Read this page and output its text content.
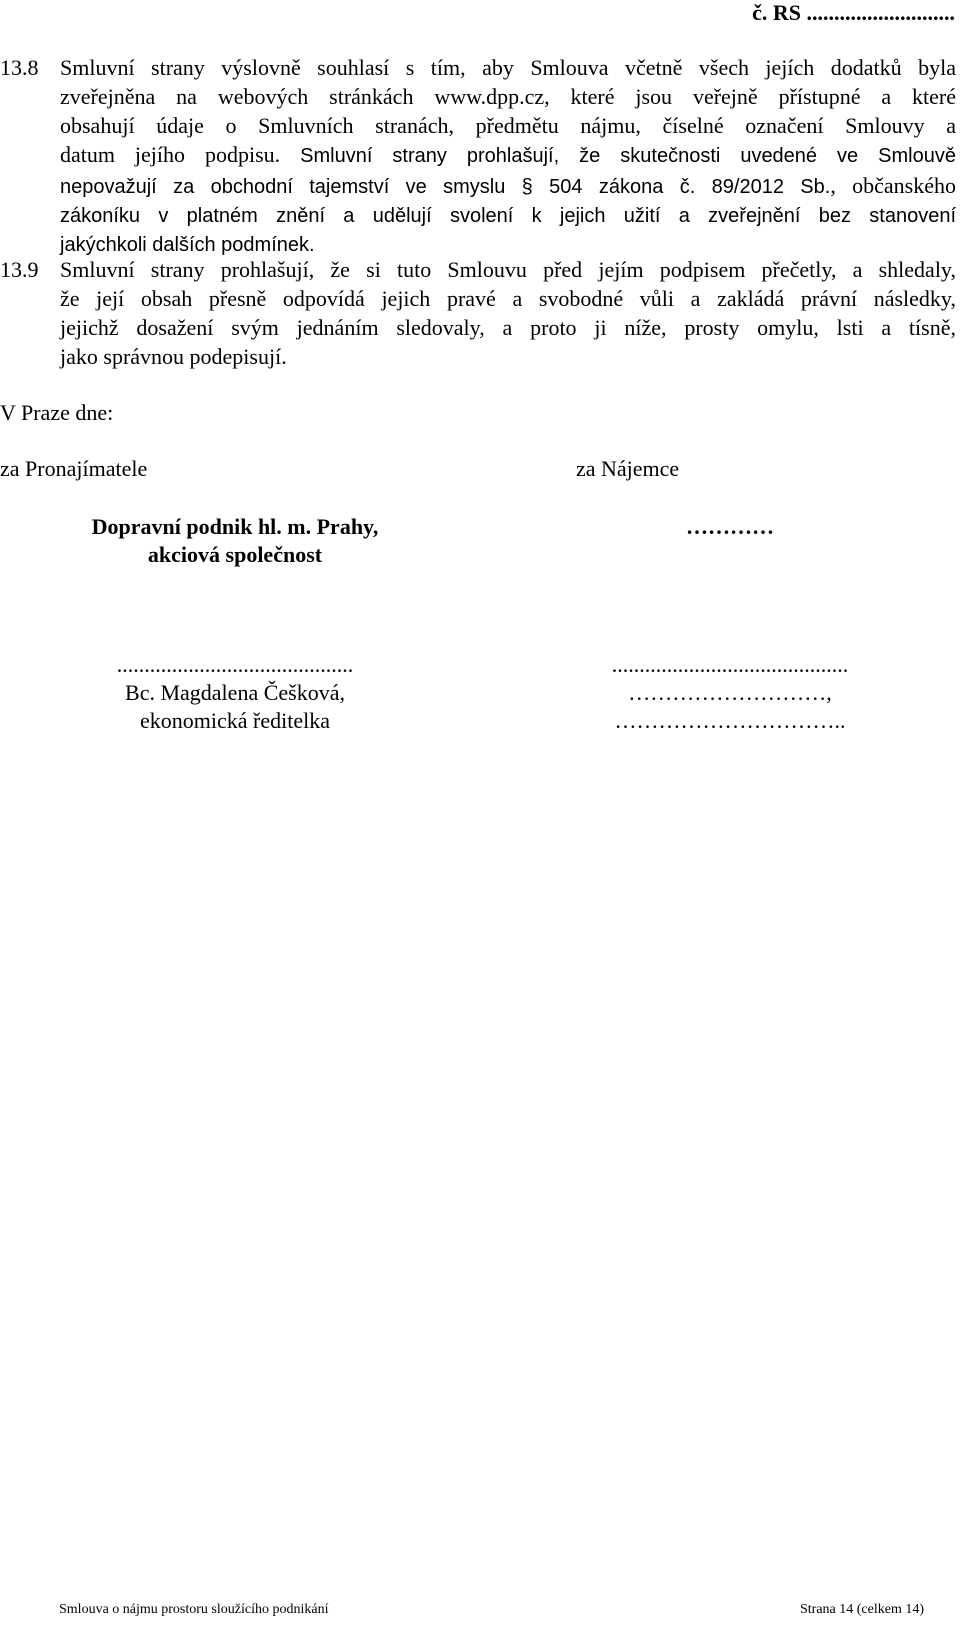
č. RS ...........................
13.8 Smluvní strany výslovně souhlasí s tím, aby Smlouva včetně všech jejích dodatků byla
zveřejněna na webových stránkách www.dpp.cz, které jsou veřejně přístupné a které
obsahují údaje o Smluvních stranách, předmětu nájmu, číselné označení Smlouvy a
datum jejího podpisu. Smluvní strany prohlašují, že skutečnosti uvedené ve Smlouvě
nepovažují za obchodní tajemství ve smyslu § 504 zákona č. 89/2012 Sb., občanského
zákoníku v platném znění a udělují svolení k jejich užití a zveřejnění bez stanovení
jakýchkoli dalších podmínek.
13.9 Smluvní strany prohlašují, že si tuto Smlouvu před jejím podpisem přečetly, a shledaly,
že její obsah přesně odpovídá jejich pravé a svobodné vůli a zakládá právní následky,
jejichž dosažení svým jednáním sledovaly, a proto ji níže, prosty omylu, lsti a tísně,
jako správnou podepisují.
V Praze dne:
za Pronajímatele
Dopravní podnik hl. m. Prahy,
akciová společnost
...........................................
Bc. Magdalena Češková,
ekonomická ředitelka
za Nájemce
…………
...........................................
………………………,
…………………………..
Smlouva o nájmu prostoru sloužícího podnikání	Strana 14 (celkem 14)
